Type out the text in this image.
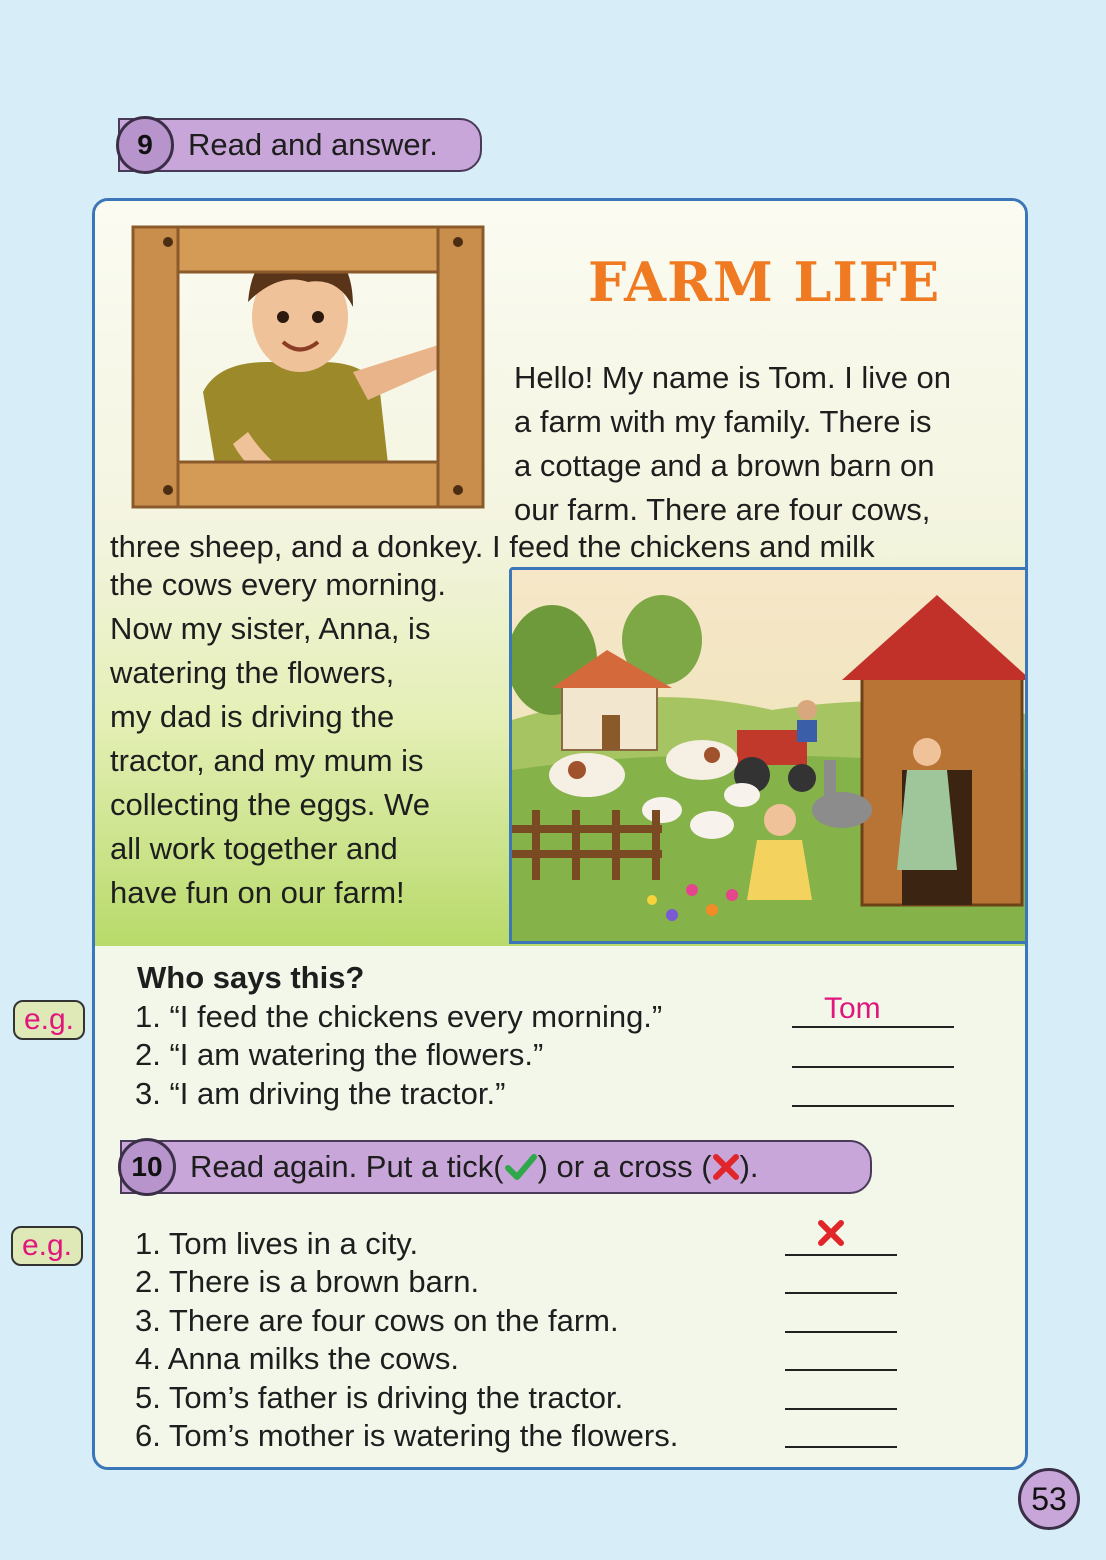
9	Read and answer.
FARM LIFE
Hello! My name is Tom. I live on
a farm with my family. There is
a cottage and a brown barn on
our farm. There are four cows,
three sheep, and a donkey. I feed the chickens and milk
the cows every morning.
Now my sister, Anna, is
watering the flowers,
my dad is driving the
tractor, and my mum is
collecting the eggs. We
all work together and
have fun on our farm!
Who says this?
e.g.	1. “I feed the chickens every morning.”	Tom
2. “I am watering the flowers.”
3. “I am driving the tractor.”
10 Read again. Put a tick( ) or a cross ( ).
e.g.	1. Tom lives in a city.
2. There is a brown barn.
3. There are four cows on the farm.
4. Anna milks the cows.
5. Tom’s father is driving the tractor.
6. Tom’s mother is watering the flowers.
53
